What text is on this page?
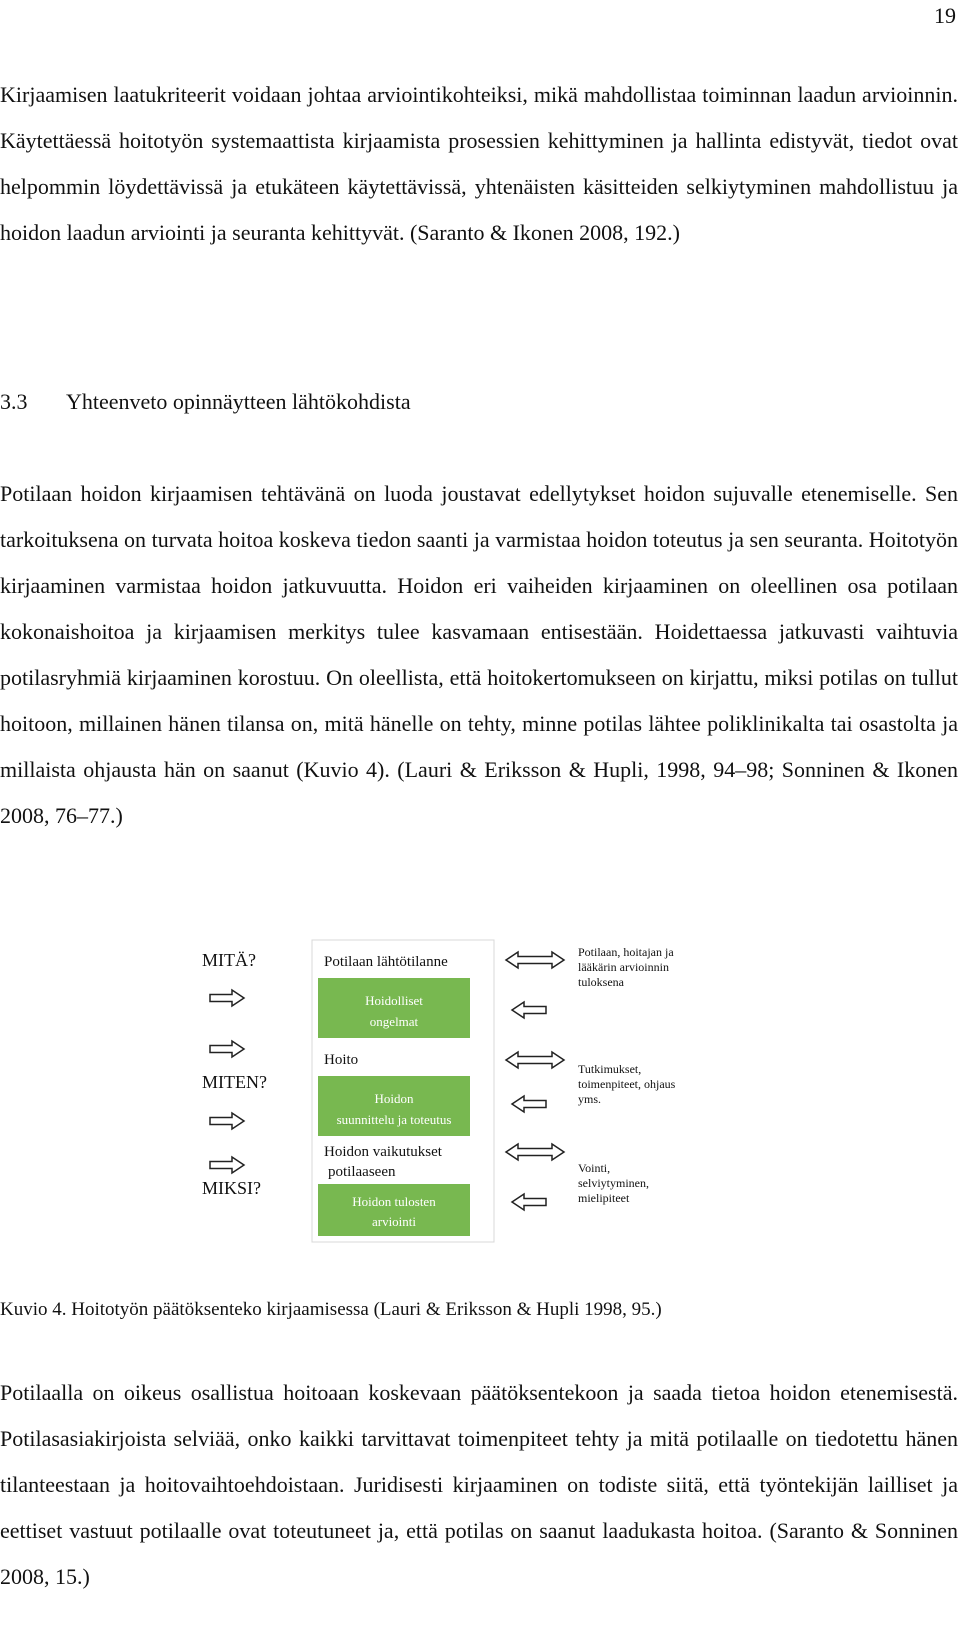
19

Kirjaamisen laatukriteerit voidaan johtaa arviointikohteiksi, mikä mahdollistaa toiminnan laadun arvioinnin. Käytettäessä hoitotyön systemaattista kirjaamista prosessien kehittyminen ja hallinta edistyvät, tiedot ovat helpommin löydettävissä ja etukäteen käytettävissä, yhtenäisten käsitteiden selkiytyminen mahdollistuu ja hoidon laadun arviointi ja seuranta kehittyvät. (Saranto & Ikonen 2008, 192.)

3.3 Yhteenveto opinnäytteen lähtökohdista

Potilaan hoidon kirjaamisen tehtävänä on luoda joustavat edellytykset hoidon sujuvalle etenemiselle. Sen tarkoituksena on turvata hoitoa koskeva tiedon saanti ja varmistaa hoidon toteutus ja sen seuranta. Hoitotyön kirjaaminen varmistaa hoidon jatkuvuutta. Hoidon eri vaiheiden kirjaaminen on oleellinen osa potilaan kokonaishoitoa ja kirjaamisen merkitys tulee kasvamaan entisestään. Hoidettaessa jatkuvasti vaihtuvia potilasryhmiä kirjaaminen korostuu. On oleellista, että hoitokertomukseen on kirjattu, miksi potilas on tullut hoitoon, millainen hänen tilansa on, mitä hänelle on tehty, minne potilas lähtee poliklinikalta tai osastolta ja millaista ohjausta hän on saanut (Kuvio 4). (Lauri & Eriksson & Hupli, 1998, 94–98; Sonninen & Ikonen 2008, 76–77.)

MITÄ?
MITEN?
MIKSI?
Potilaan lähtötilanne
Hoidolliset
ongelmat
Hoito
Hoidon
suunnittelu ja toteutus
Hoidon vaikutukset
potilaaseen
Hoidon tulosten
arviointi
Potilaan, hoitajan ja
lääkärin arvioinnin
tuloksena
Tutkimukset,
toimenpiteet, ohjaus
yms.
Vointi,
selviytyminen,
mielipiteet

Kuvio 4. Hoitotyön päätöksenteko kirjaamisessa (Lauri & Eriksson & Hupli 1998, 95.)

Potilaalla on oikeus osallistua hoitoaan koskevaan päätöksentekoon ja saada tietoa hoidon etenemisestä. Potilasasiakirjoista selviää, onko kaikki tarvittavat toimenpiteet tehty ja mitä potilaalle on tiedotettu hänen tilanteestaan ja hoitovaihtoehdoistaan. Juridisesti kirjaaminen on todiste siitä, että työntekijän lailliset ja eettiset vastuut potilaalle ovat toteutuneet ja, että potilas on saanut laadukasta hoitoa. (Saranto & Sonninen 2008, 15.)
